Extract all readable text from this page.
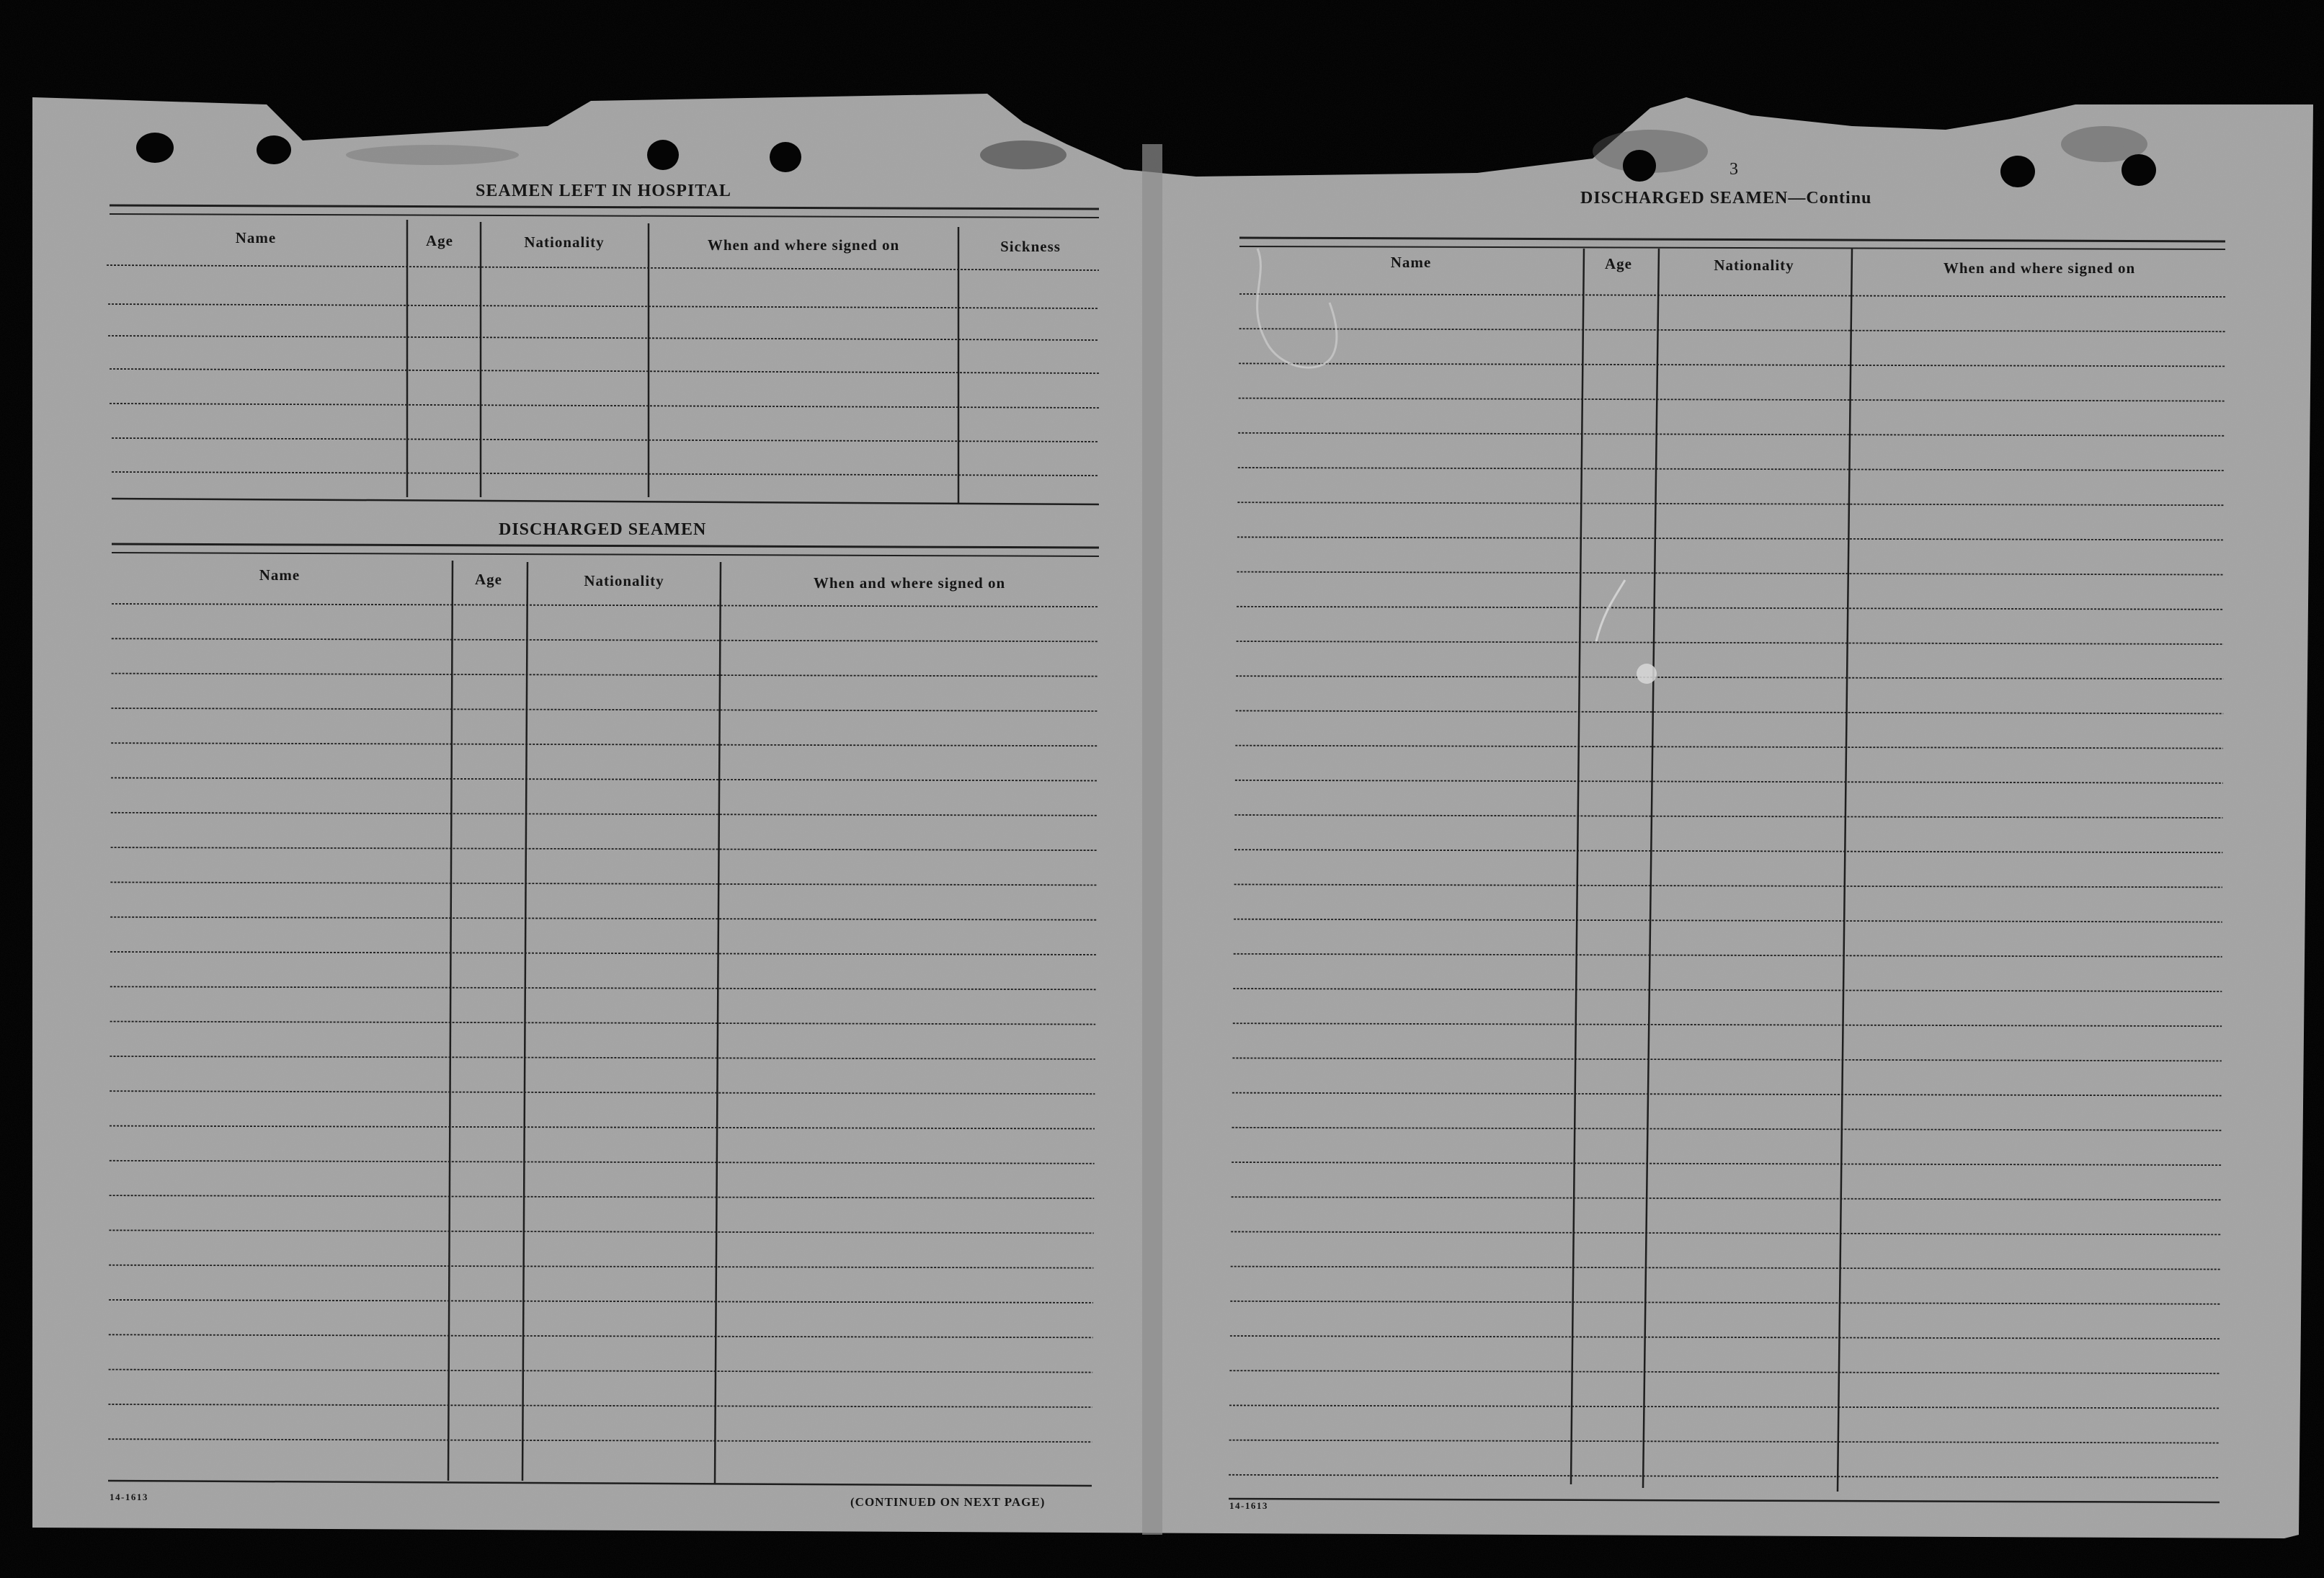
SEAMEN LEFT IN HOSPITAL
Name	Age	Nationality	When and where signed on	Sickness
DISCHARGED SEAMEN
Name	Age	Nationality	When and where signed on
14-1613	(CONTINUED ON NEXT PAGE)
3
DISCHARGED SEAMEN—Continu
Name	Age	Nationality	When and where signed on
14-1613
